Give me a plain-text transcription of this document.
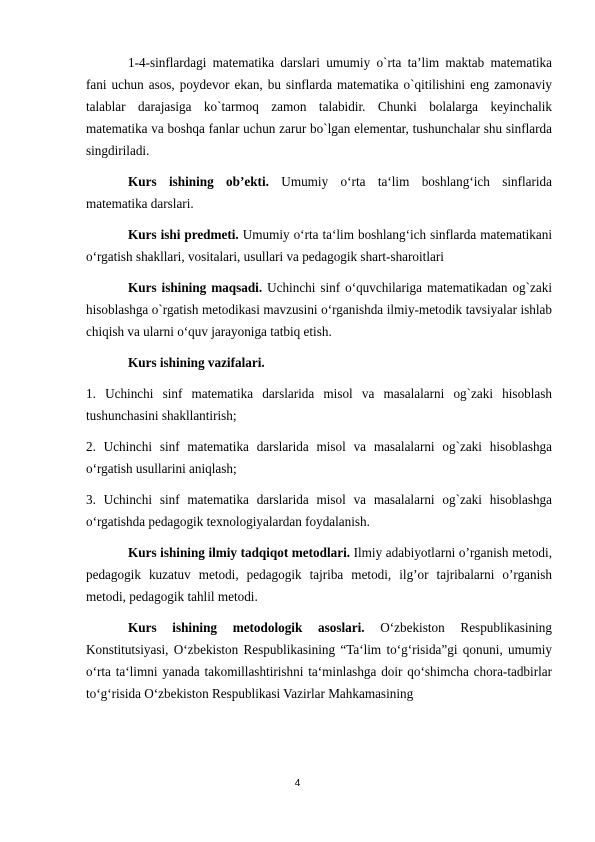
1-4-sinflardagi matematika darslari umumiy o`rta ta’lim maktab matematika fani uchun asos, poydevor ekan, bu sinflarda matematika o`qitilishini eng zamonaviy talablar darajasiga ko`tarmoq zamon talabidir. Chunki bolalarga keyinchalik matematika va boshqa fanlar uchun zarur bo`lgan elementar, tushunchalar shu sinflarda singdiriladi.

Kurs ishining ob’ekti. Umumiy o‘rta ta‘lim boshlang‘ich sinflarida matematika darslari.

Kurs ishi predmeti. Umumiy o‘rta ta‘lim boshlang‘ich sinflarda matematikani o‘rgatish shakllari, vositalari, usullari va pedagogik shart-sharoitlari

Kurs ishining maqsadi. Uchinchi sinf o‘quvchilariga matematikadan og`zaki hisoblashga o`rgatish metodikasi mavzusini o‘rganishda ilmiy-metodik tavsiyalar ishlab chiqish va ularni o‘quv jarayoniga tatbiq etish.

Kurs ishining vazifalari.

1. Uchinchi sinf matematika darslarida misol va masalalarni og`zaki hisoblash tushunchasini shakllantirish;

2. Uchinchi sinf matematika darslarida misol va masalalarni og`zaki hisoblashga o‘rgatish usullarini aniqlash;

3. Uchinchi sinf matematika darslarida misol va masalalarni og`zaki hisoblashga o‘rgatishda pedagogik texnologiyalardan foydalanish.

Kurs ishining ilmiy tadqiqot metodlari. Ilmiy adabiyotlarni o’rganish metodi, pedagogik kuzatuv metodi, pedagogik tajriba metodi, ilg’or tajribalarni o’rganish metodi, pedagogik tahlil metodi.

Kurs ishining metodologik asoslari. O‘zbekiston Respublikasining Konstitutsiyasi, O‘zbekiston Respublikasining “Ta‘lim to‘g‘risida”gi qonuni, umumiy o‘rta ta‘limni yanada takomillashtirishni ta‘minlashga doir qo‘shimcha chora-tadbirlar to‘g‘risida O‘zbekiston Respublikasi Vazirlar Mahkamasining

4
